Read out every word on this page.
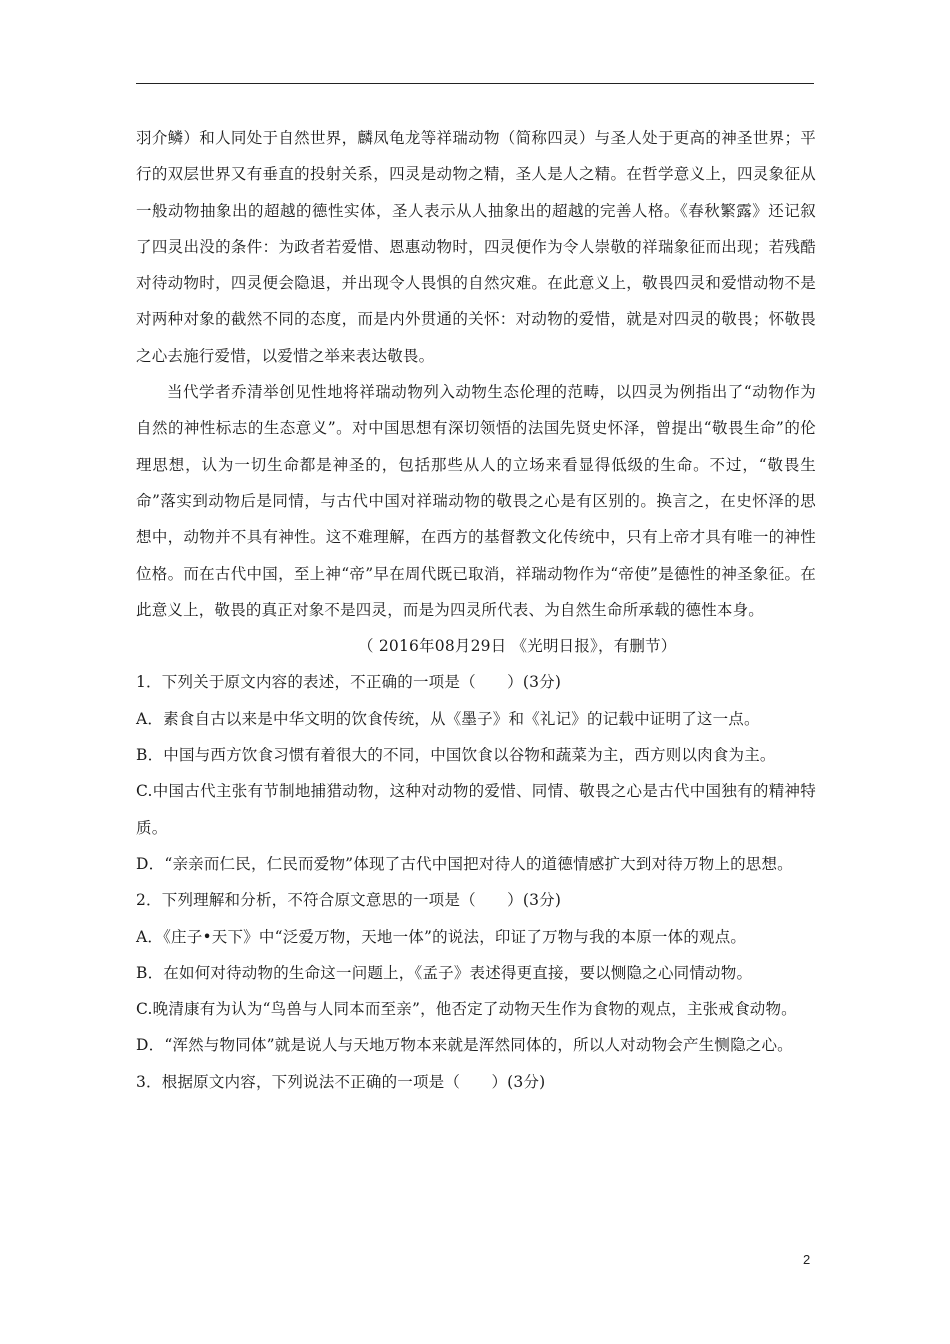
羽介鳞）和人同处于自然世界，麟凤龟龙等祥瑞动物（简称四灵）与圣人处于更高的神圣世界；平行的双层世界又有垂直的投射关系，四灵是动物之精，圣人是人之精。在哲学意义上，四灵象征从一般动物抽象出的超越的德性实体，圣人表示从人抽象出的超越的完善人格。《春秋繁露》还记叙了四灵出没的条件：为政者若爱惜、恩惠动物时，四灵便作为令人崇敬的祥瑞象征而出现；若残酷对待动物时，四灵便会隐退，并出现令人畏惧的自然灾难。在此意义上，敬畏四灵和爱惜动物不是对两种对象的截然不同的态度，而是内外贯通的关怀：对动物的爱惜，就是对四灵的敬畏；怀敬畏之心去施行爱惜，以爱惜之举来表达敬畏。

当代学者乔清举创见性地将祥瑞动物列入动物生态伦理的范畴，以四灵为例指出了“动物作为自然的神性标志的生态意义”。对中国思想有深切领悟的法国先贤史怀泽，曾提出“敬畏生命”的伦理思想，认为一切生命都是神圣的，包括那些从人的立场来看显得低级的生命。不过，“敬畏生命”落实到动物后是同情，与古代中国对祥瑞动物的敬畏之心是有区别的。换言之，在史怀泽的思想中，动物并不具有神性。这不难理解，在西方的基督教文化传统中，只有上帝才具有唯一的神性位格。而在古代中国，至上神“帝”早在周代既已取消，祥瑞动物作为“帝使”是德性的神圣象征。在此意义上，敬畏的真正对象不是四灵，而是为四灵所代表、为自然生命所承载的德性本身。

（ 2016年08月29日 《光明日报》，有删节）

1．下列关于原文内容的表述，不正确的一项是（　　）(3分)

A．素食自古以来是中华文明的饮食传统，从《墨子》和《礼记》的记载中证明了这一点。

B．中国与西方饮食习惯有着很大的不同，中国饮食以谷物和蔬菜为主，西方则以肉食为主。

C.中国古代主张有节制地捕猎动物，这种对动物的爱惜、同情、敬畏之心是古代中国独有的精神特质。

D．“亲亲而仁民，仁民而爱物”体现了古代中国把对待人的道德情感扩大到对待万物上的思想。

2．下列理解和分析，不符合原文意思的一项是（　　）(3分)

A．《庄子•天下》中“泛爱万物，天地一体”的说法，印证了万物与我的本原一体的观点。

B．在如何对待动物的生命这一问题上，《孟子》表述得更直接，要以恻隐之心同情动物。

C.晚清康有为认为“鸟兽与人同本而至亲”，他否定了动物天生作为食物的观点，主张戒食动物。

D．“浑然与物同体”就是说人与天地万物本来就是浑然同体的，所以人对动物会产生恻隐之心。

3．根据原文内容，下列说法不正确的一项是（　　）(3分)

2
